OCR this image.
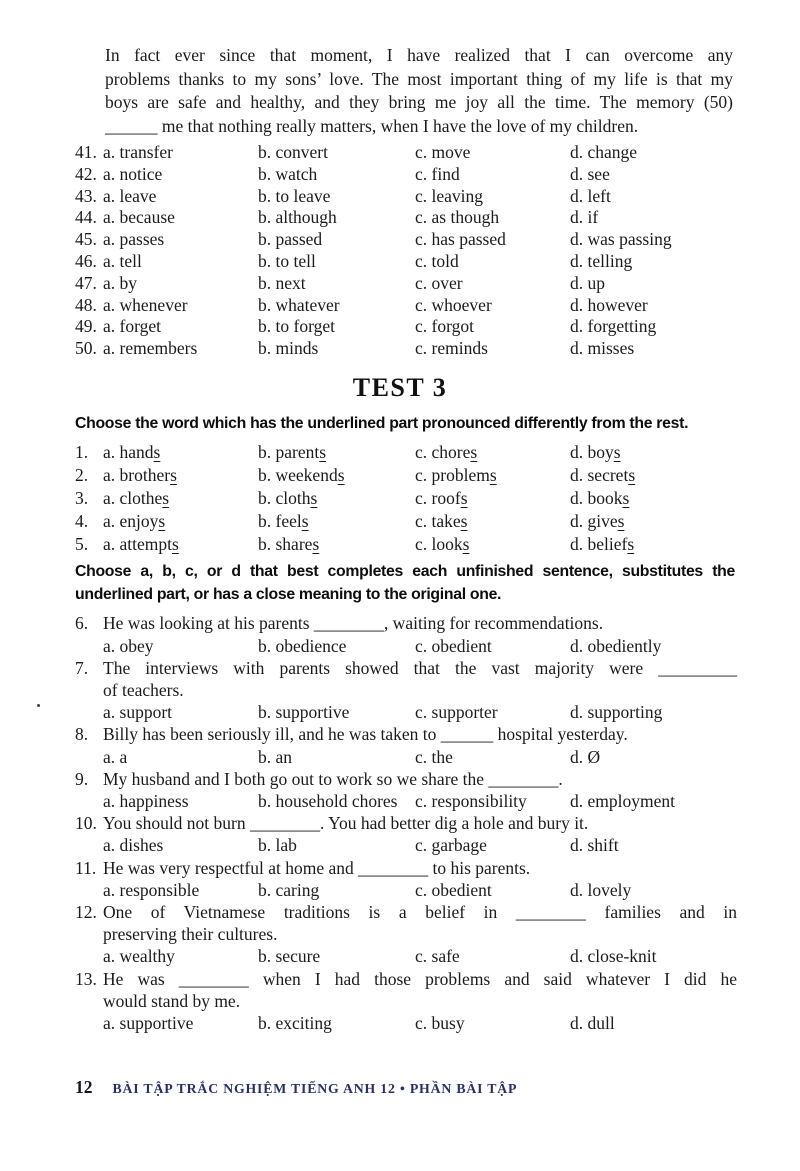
In fact ever since that moment, I have realized that I can overcome any
problems thanks to my sons’ love. The most important thing of my life is that my
boys are safe and healthy, and they bring me joy all the time. The memory (50)
______ me that nothing really matters, when I have the love of my children.

41. a. transfer	b. convert	c. move	d. change
42. a. notice	b. watch	c. find	d. see
43. a. leave	b. to leave	c. leaving	d. left
44. a. because	b. although	c. as though	d. if
45. a. passes	b. passed	c. has passed	d. was passing
46. a. tell	b. to tell	c. told	d. telling
47. a. by	b. next	c. over	d. up
48. a. whenever	b. whatever	c. whoever	d. however
49. a. forget	b. to forget	c. forgot	d. forgetting
50. a. remembers	b. minds	c. reminds	d. misses
TEST 3

Choose the word which has the underlined part pronounced differently from the rest.

1. a. hands	b. parents	c. chores	d. boys
2. a. brothers	b. weekends	c. problems	d. secrets
3. a. clothes	b. cloths	c. roofs	d. books
4. a. enjoys	b. feels	c. takes	d. gives
5. a. attempts	b. shares	c. looks	d. beliefs

Choose a, b, c, or d that best completes each unfinished sentence, substitutes the
underlined part, or has a close meaning to the original one.

6. He was looking at his parents ________, waiting for recommendations.
a. obey	b. obedience	c. obedient	d. obediently
7. The interviews with parents showed that the vast majority were _________
of teachers.
a. support	b. supportive	c. supporter	d. supporting
8. Billy has been seriously ill, and he was taken to ______ hospital yesterday.
a. a	b. an	c. the	d. Ø
9. My husband and I both go out to work so we share the ________.
a. happiness	b. household chores	c. responsibility	d. employment
10. You should not burn ________. You had better dig a hole and bury it.
a. dishes	b. lab	c. garbage	d. shift
11. He was very respectful at home and ________ to his parents.
a. responsible	b. caring	c. obedient	d. lovely
12. One of Vietnamese traditions is a belief in ________ families and in
preserving their cultures.
a. wealthy	b. secure	c. safe	d. close-knit
13. He was ________ when I had those problems and said whatever I did he
would stand by me.
a. supportive	b. exciting	c. busy	d. dull
12 BÀI TẬP TRẮC NGHIỆM TIẾNG ANH 12 • PHẦN BÀI TẬP
